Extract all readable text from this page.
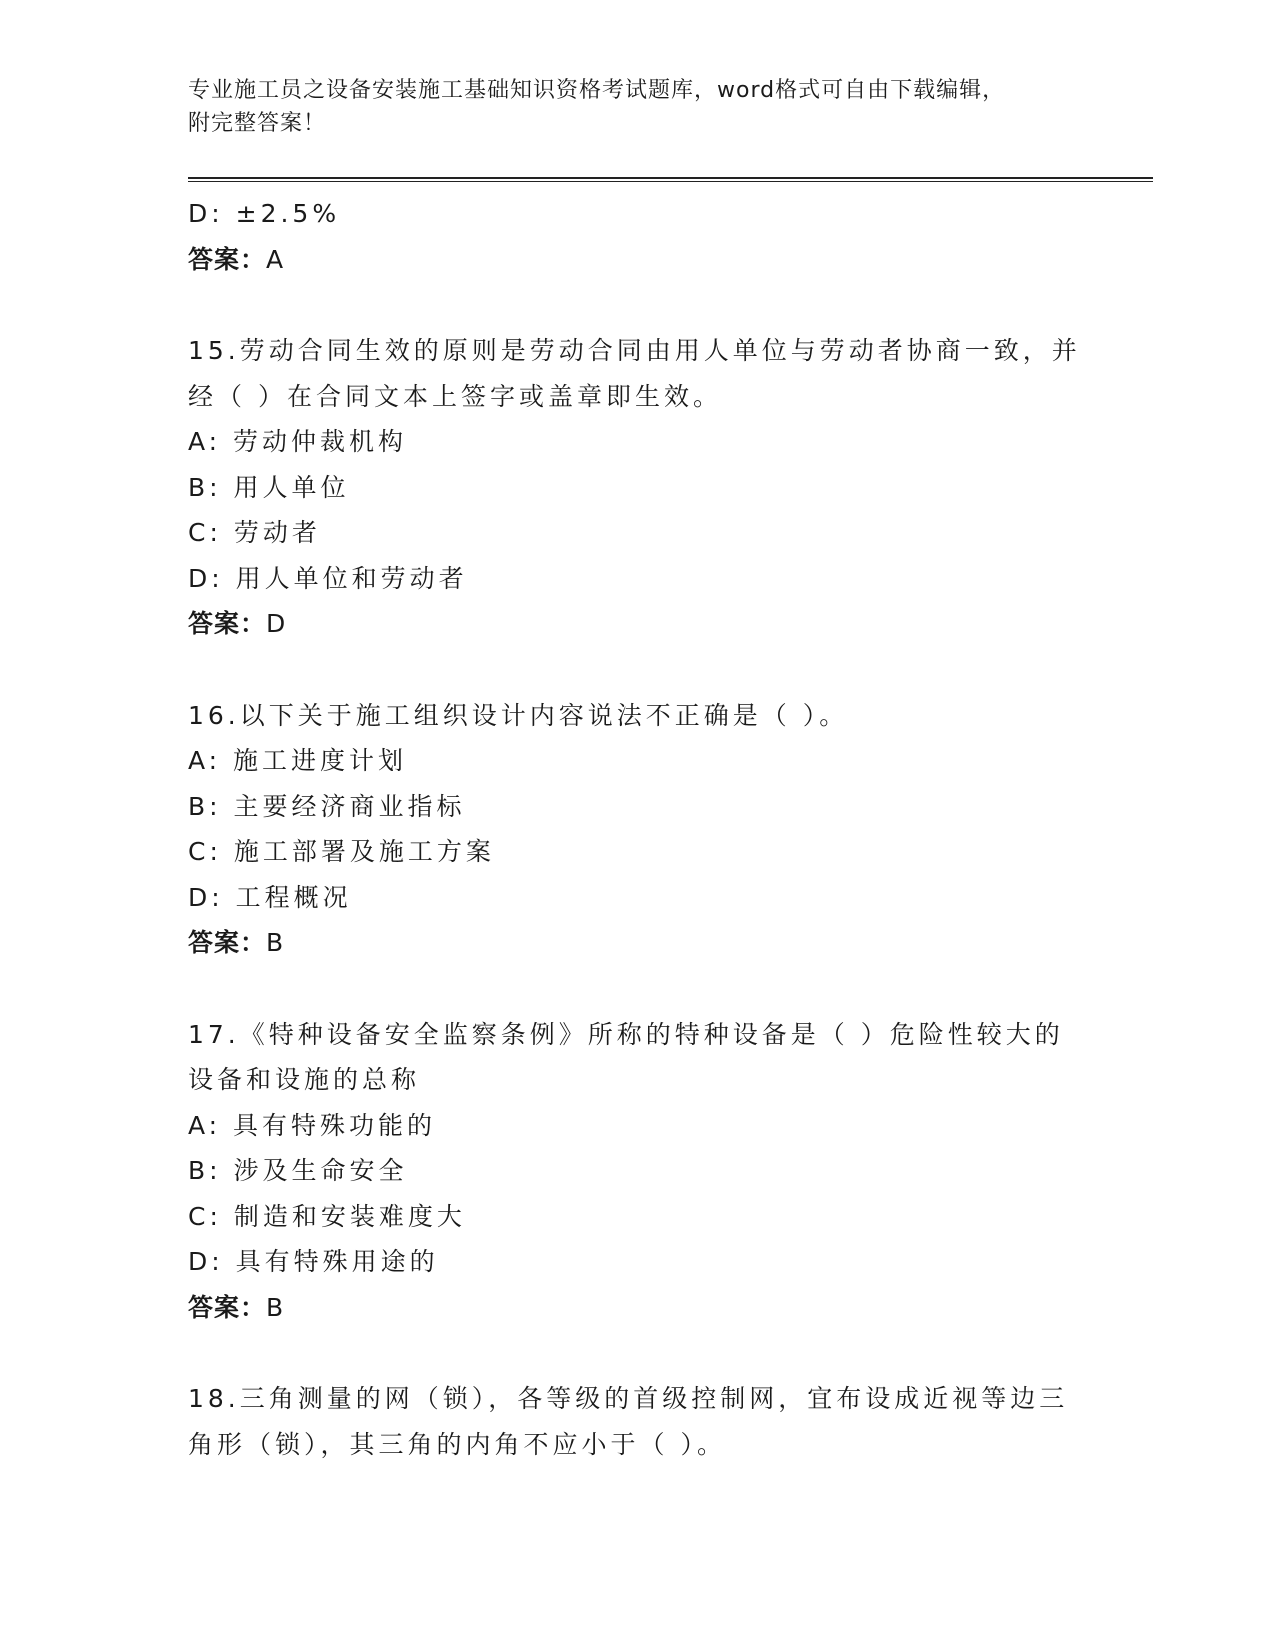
专业施工员之设备安装施工基础知识资格考试题库，word格式可自由下载编辑，
附完整答案！
D: ±2.5%
答案：A
15.劳动合同生效的原则是劳动合同由用人单位与劳动者协商一致，并
经（ ）在合同文本上签字或盖章即生效。
A: 劳动仲裁机构
B: 用人单位
C: 劳动者
D: 用人单位和劳动者
答案：D
16.以下关于施工组织设计内容说法不正确是（ ）。
A: 施工进度计划
B: 主要经济商业指标
C: 施工部署及施工方案
D: 工程概况
答案：B
17.《特种设备安全监察条例》所称的特种设备是（ ）危险性较大的
设备和设施的总称
A: 具有特殊功能的
B: 涉及生命安全
C: 制造和安装难度大
D: 具有特殊用途的
答案：B
18.三角测量的网（锁），各等级的首级控制网，宜布设成近视等边三
角形（锁），其三角的内角不应小于（ ）。
